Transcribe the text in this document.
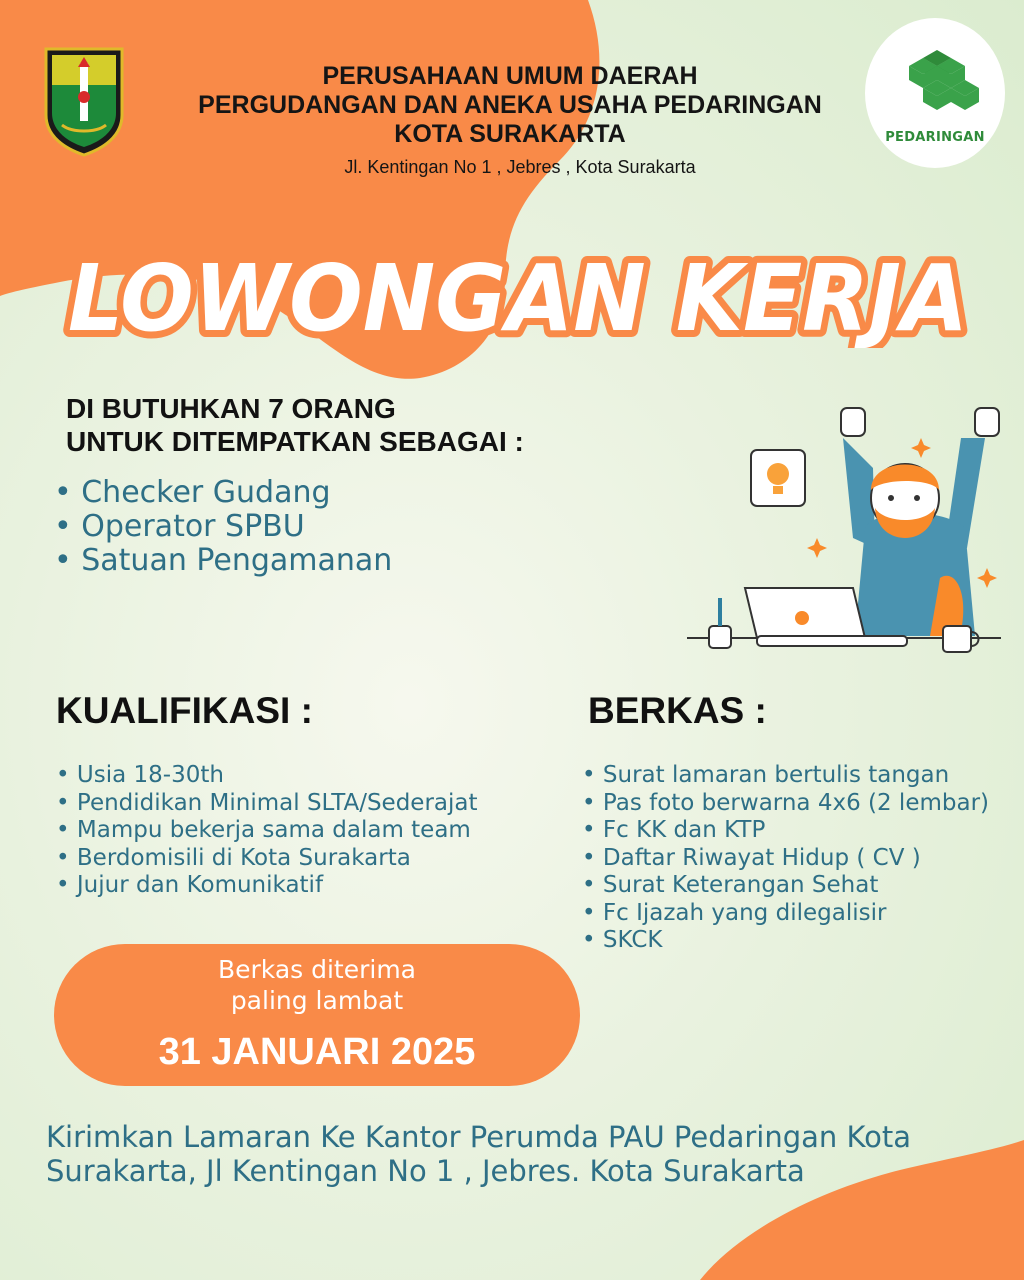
PEDARINGAN
PERUSAHAAN UMUM DAERAH
PERGUDANGAN DAN ANEKA USAHA PEDARINGAN
KOTA SURAKARTA
Jl. Kentingan No 1 , Jebres , Kota Surakarta
LOWONGAN KERJA
DI BUTUHKAN 7 ORANG
UNTUK DITEMPATKAN SEBAGAI :
• Checker Gudang
• Operator SPBU
• Satuan Pengamanan
KUALIFIKASI :
• Usia 18-30th
• Pendidikan Minimal SLTA/Sederajat
• Mampu bekerja sama dalam team
• Berdomisili di Kota Surakarta
• Jujur dan Komunikatif
BERKAS :
• Surat lamaran bertulis tangan
• Pas foto berwarna 4x6 (2 lembar)
• Fc KK dan KTP
• Daftar Riwayat Hidup ( CV )
• Surat Keterangan Sehat
• Fc Ijazah yang dilegalisir
• SKCK
Berkas diterima
paling lambat
31 JANUARI 2025
Kirimkan Lamaran Ke Kantor Perumda PAU Pedaringan Kota
Surakarta, Jl Kentingan No 1 , Jebres. Kota Surakarta
